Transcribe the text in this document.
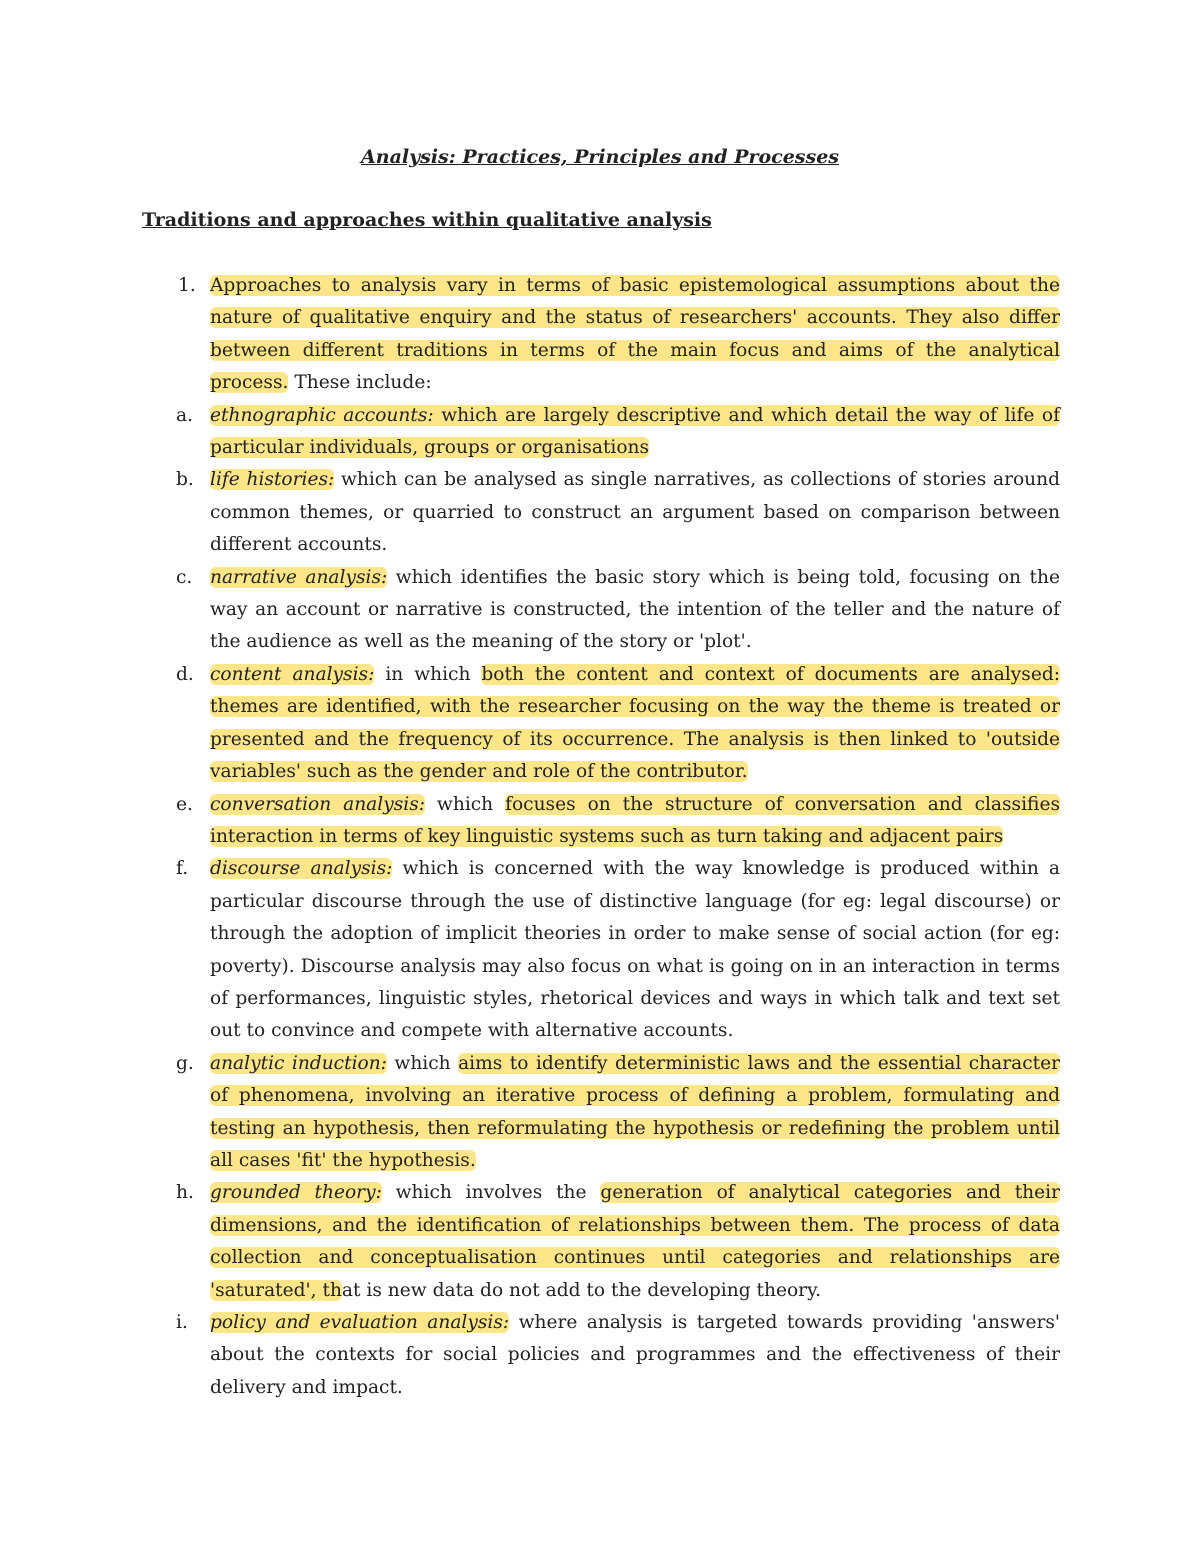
Analysis: Practices, Principles and Processes
Traditions and approaches within qualitative analysis
1. Approaches to analysis vary in terms of basic epistemological assumptions about the nature of qualitative enquiry and the status of researchers' accounts. They also differ between different traditions in terms of the main focus and aims of the analytical process. These include:
a. ethnographic accounts: which are largely descriptive and which detail the way of life of particular individuals, groups or organisations
b. life histories: which can be analysed as single narratives, as collections of stories around common themes, or quarried to construct an argument based on comparison between different accounts.
c. narrative analysis: which identifies the basic story which is being told, focusing on the way an account or narrative is constructed, the intention of the teller and the nature of the audience as well as the meaning of the story or 'plot'.
d. content analysis: in which both the content and context of documents are analysed: themes are identified, with the researcher focusing on the way the theme is treated or presented and the frequency of its occurrence. The analysis is then linked to 'outside variables' such as the gender and role of the contributor.
e. conversation analysis: which focuses on the structure of conversation and classifies interaction in terms of key linguistic systems such as turn taking and adjacent pairs
f.	discourse analysis: which is concerned with the way knowledge is produced within a particular discourse through the use of distinctive language (for eg: legal discourse) or through the adoption of implicit theories in order to make sense of social action (for eg: poverty). Discourse analysis may also focus on what is going on in an interaction in terms of performances, linguistic styles, rhetorical devices and ways in which talk and text set out to convince and compete with alternative accounts.
g. analytic induction: which aims to identify deterministic laws and the essential character of phenomena, involving an iterative process of defining a problem, formulating and testing an hypothesis, then reformulating the hypothesis or redefining the problem until all cases 'fit' the hypothesis.
h. grounded theory: which involves the generation of analytical categories and their dimensions, and the identification of relationships between them. The process of data collection and conceptualisation continues until categories and relationships are 'saturated', that is new data do not add to the developing theory.
i.	policy and evaluation analysis: where analysis is targeted towards providing 'answers' about the contexts for social policies and programmes and the effectiveness of their delivery and impact.
